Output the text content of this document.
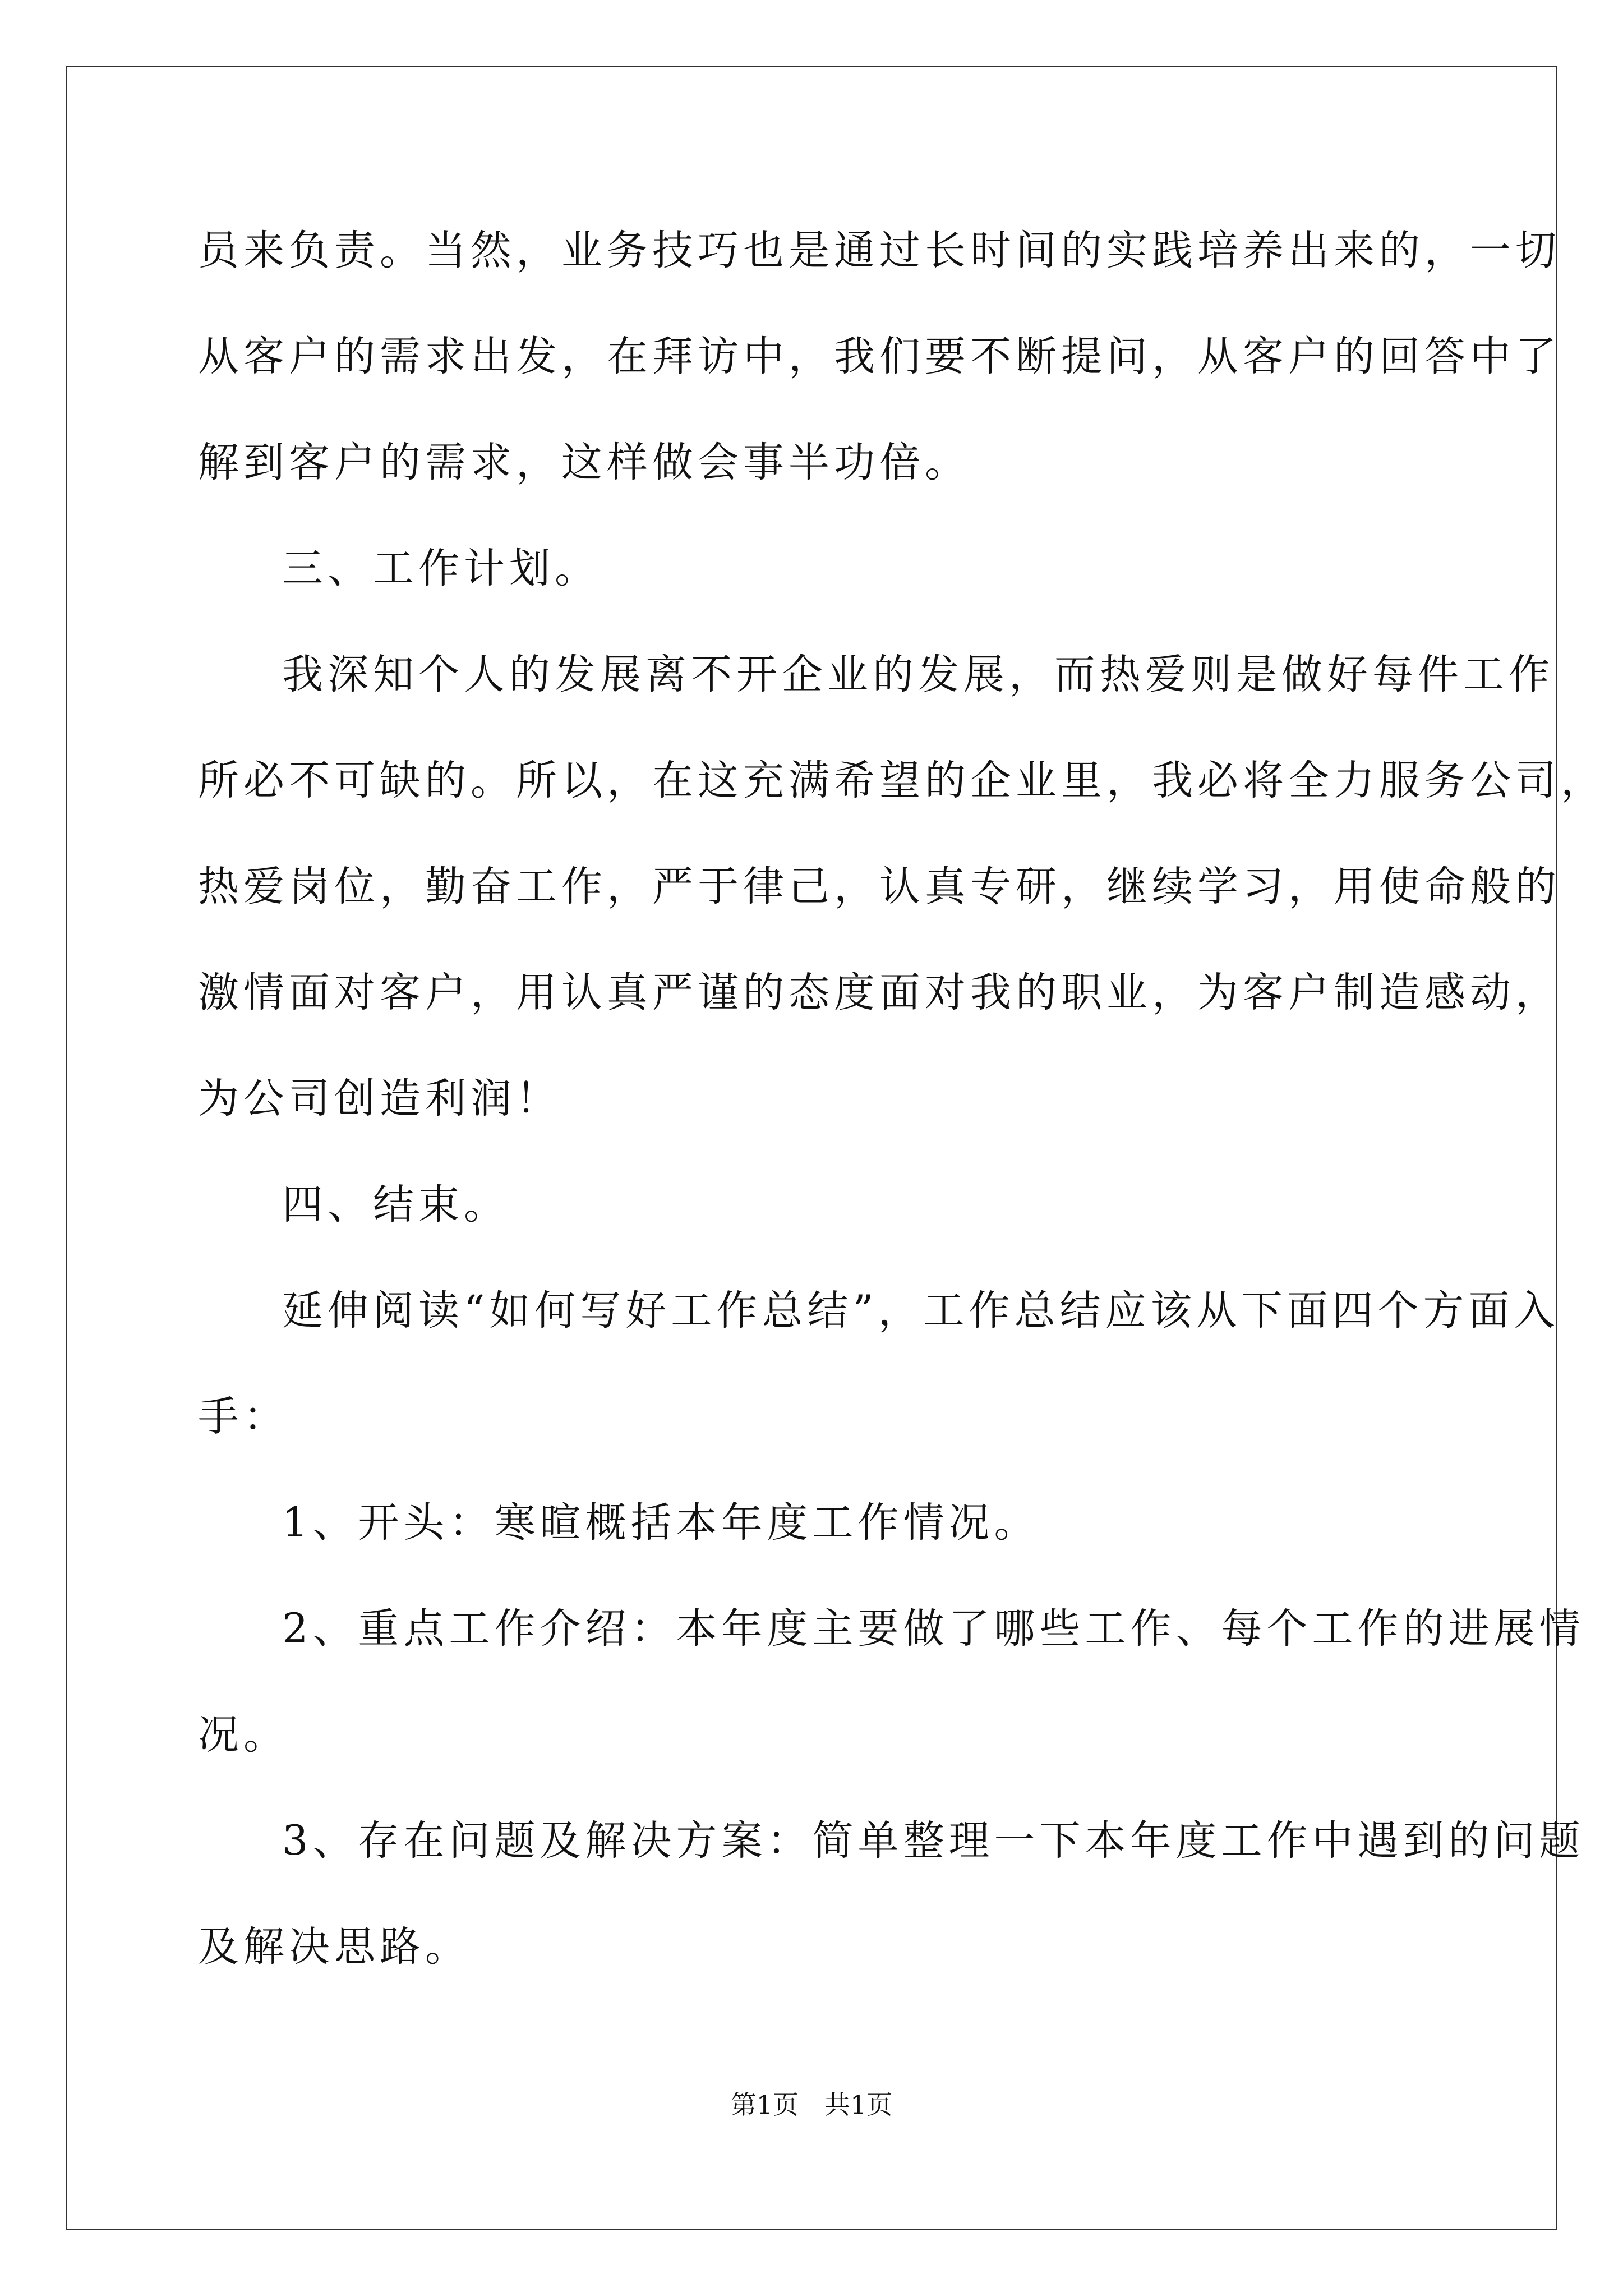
员来负责。当然，业务技巧也是通过长时间的实践培养出来的，一切
从客户的需求出发，在拜访中，我们要不断提问，从客户的回答中了
解到客户的需求，这样做会事半功倍。
三、工作计划。
我深知个人的发展离不开企业的发展，而热爱则是做好每件工作
所必不可缺的。所以，在这充满希望的企业里，我必将全力服务公司，
热爱岗位，勤奋工作，严于律己，认真专研，继续学习，用使命般的
激情面对客户，用认真严谨的态度面对我的职业，为客户制造感动，
为公司创造利润！
四、结束。
延伸阅读“如何写好工作总结”，工作总结应该从下面四个方面入
手：
1、开头：寒暄概括本年度工作情况。
2、重点工作介绍：本年度主要做了哪些工作、每个工作的进展情
况。
3、存在问题及解决方案：简单整理一下本年度工作中遇到的问题
及解决思路。
第1页　共1页
